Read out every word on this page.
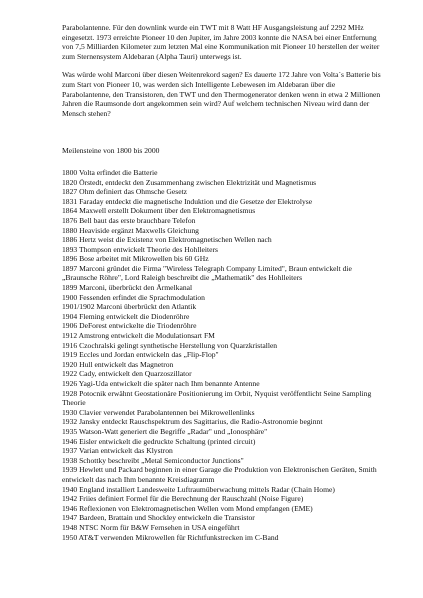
Parabolantenne. Für den downlink wurde ein TWT mit 8 Watt HF Ausgangsleistung auf 2292 MHz eingesetzt. 1973 erreichte Pioneer 10 den Jupiter, im Jahre 2003 konnte die NASA bei einer Entfernung von 7,5 Milliarden Kilometer zum letzten Mal eine Kommunikation mit Pioneer 10 herstellen der weiter zum Sternensystem Aldebaran (Alpha Tauri) unterwegs ist.

Was würde wohl Marconi über diesen Weitenrekord sagen? Es dauerte 172 Jahre von Volta´s Batterie bis zum Start von Pioneer 10, was werden sich Intelligente Lebewesen im Aldebaran über die Parabolantenne, den Transistoren, den TWT und den Thermogenerator denken wenn in etwa 2 Millionen Jahren die Raumsonde dort angekommen sein wird? Auf welchem technischen Niveau wird dann der Mensch stehen?

Meilensteine von 1800 bis 2000

1800 Volta erfindet die Batterie

1820 Örstedt, entdeckt den Zusammenhang zwischen Elektrizität und Magnetismus

1827 Ohm definiert das Ohmsche Gesetz

1831 Faraday entdeckt die magnetische Induktion und die Gesetze der Elektrolyse

1864 Maxwell erstellt Dokument über den Elektromagnetismus

1876 Bell baut das erste brauchbare Telefon

1880 Heaviside ergänzt Maxwells Gleichung

1886 Hertz weist die Existenz von Elektromagnetischen Wellen nach

1893 Thompson entwickelt Theorie des Hohlleiters

1896 Bose arbeitet mit Mikrowellen bis 60 GHz

1897 Marconi gründet die Firma "Wireless Telegraph Company Limited", Braun entwickelt die „Braunsche Röhre", Lord Raleigh beschreibt die „Mathematik" des Hohlleiters

1899 Marconi, überbrückt den Ärmelkanal

1900 Fessenden erfindet die Sprachmodulation

1901/1902 Marconi überbrückt den Atlantik

1904 Fleming entwickelt die Diodenröhre

1906 DeForest entwickelte die Triodenröhre

1912 Amstrong entwickelt die Modulationsart FM

1916 Czochralski gelingt synthetische Herstellung von Quarzkristallen

1919 Eccles und Jordan entwickeln das „Flip-Flop"

1920 Hull entwickelt das Magnetron

1922 Cady, entwickelt den Quarzoszillator

1926 Yagi-Uda entwickelt die später nach Ihm benannte Antenne

1928 Potocnik erwähnt Geostationäre Positionierung im Orbit, Nyquist veröffentlicht Seine Sampling Theorie

1930 Clavier verwendet Parabolantennen bei Mikrowellenlinks

1932 Jansky entdeckt Rauschspektrum des Sagittarius, die Radio-Astronomie beginnt

1935 Watson-Watt generiert die Begriffe „Radar" und „Ionosphäre"

1946 Eisler entwickelt die gedruckte Schaltung (printed circuit)

1937 Varian entwickelt das Klystron

1938 Schottky beschreibt „Metal Semiconductor Junctions"

1939 Hewlett und Packard beginnen in einer Garage die Produktion von Elektronischen Geräten, Smith entwickelt das nach Ihm benannte Kreisdiagramm

1940 England installiert Landesweite Luftraumüberwachung mittels Radar (Chain Home)

1942 Friies definiert Formel für die Berechnung der Rauschzahl (Noise Figure)

1946 Reflexionen von Elektromagnetischen Wellen vom Mond empfangen (EME)

1947 Bardeen, Brattain und Shockley entwickeln die Transistor

1948 NTSC Norm für B&W Fernsehen in USA eingeführt

1950 AT&T verwenden Mikrowellen für Richtfunkstrecken im C-Band
